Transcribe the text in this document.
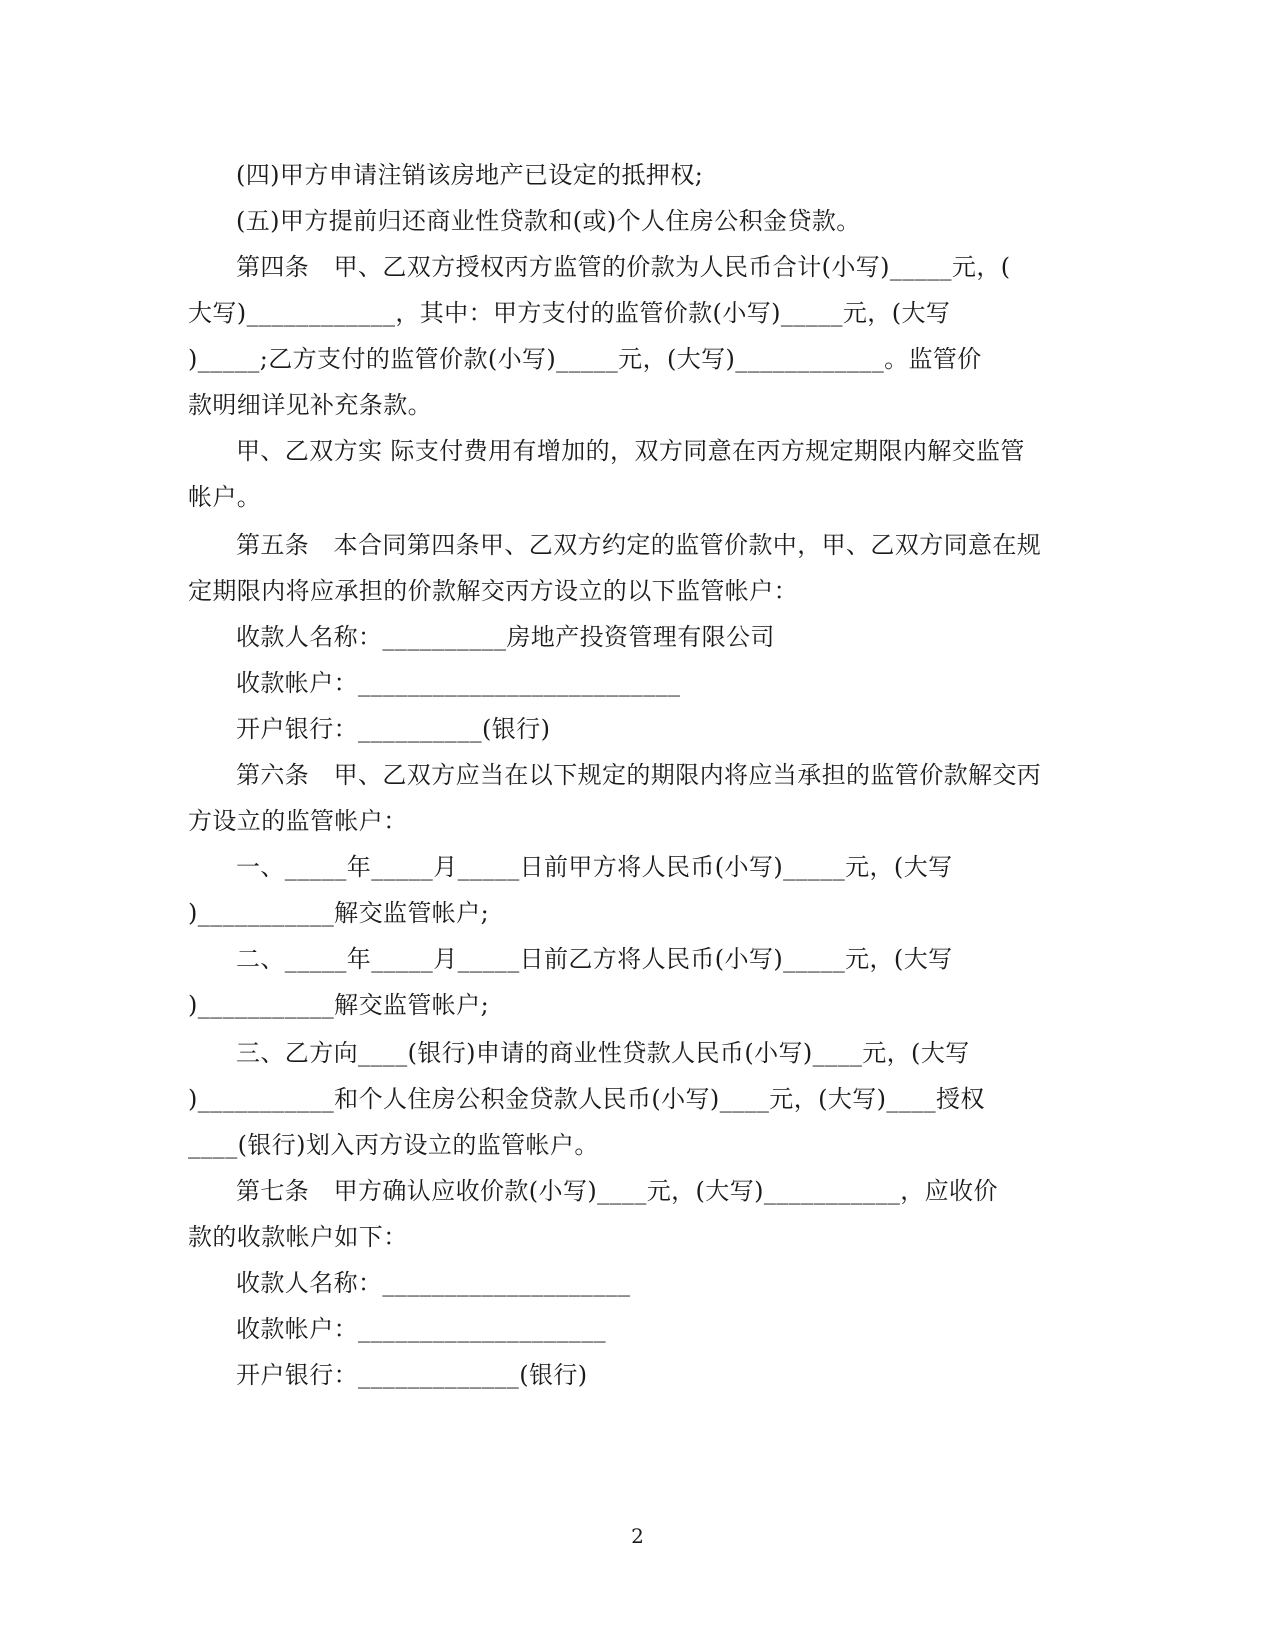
(四)甲方申请注销该房地产已设定的抵押权;
(五)甲方提前归还商业性贷款和(或)个人住房公积金贷款。
第四条　甲、乙双方授权丙方监管的价款为人民币合计(小写)_____元，(
大写)____________，其中：甲方支付的监管价款(小写)_____元，(大写
)_____;乙方支付的监管价款(小写)_____元，(大写)____________。监管价
款明细详见补充条款。
甲、乙双方实 际支付费用有增加的，双方同意在丙方规定期限内解交监管
帐户。
第五条　本合同第四条甲、乙双方约定的监管价款中，甲、乙双方同意在规
定期限内将应承担的价款解交丙方设立的以下监管帐户：
收款人名称：__________房地产投资管理有限公司
收款帐户：__________________________
开户银行：__________(银行)
第六条　甲、乙双方应当在以下规定的期限内将应当承担的监管价款解交丙
方设立的监管帐户：
一、_____年_____月_____日前甲方将人民币(小写)_____元，(大写
)___________解交监管帐户;
二、_____年_____月_____日前乙方将人民币(小写)_____元，(大写
)___________解交监管帐户;
三、乙方向____(银行)申请的商业性贷款人民币(小写)____元，(大写
)___________和个人住房公积金贷款人民币(小写)____元，(大写)____授权
____(银行)划入丙方设立的监管帐户。
第七条　甲方确认应收价款(小写)____元，(大写)___________，应收价
款的收款帐户如下：
收款人名称：____________________
收款帐户：____________________
开户银行：_____________(银行)
2
